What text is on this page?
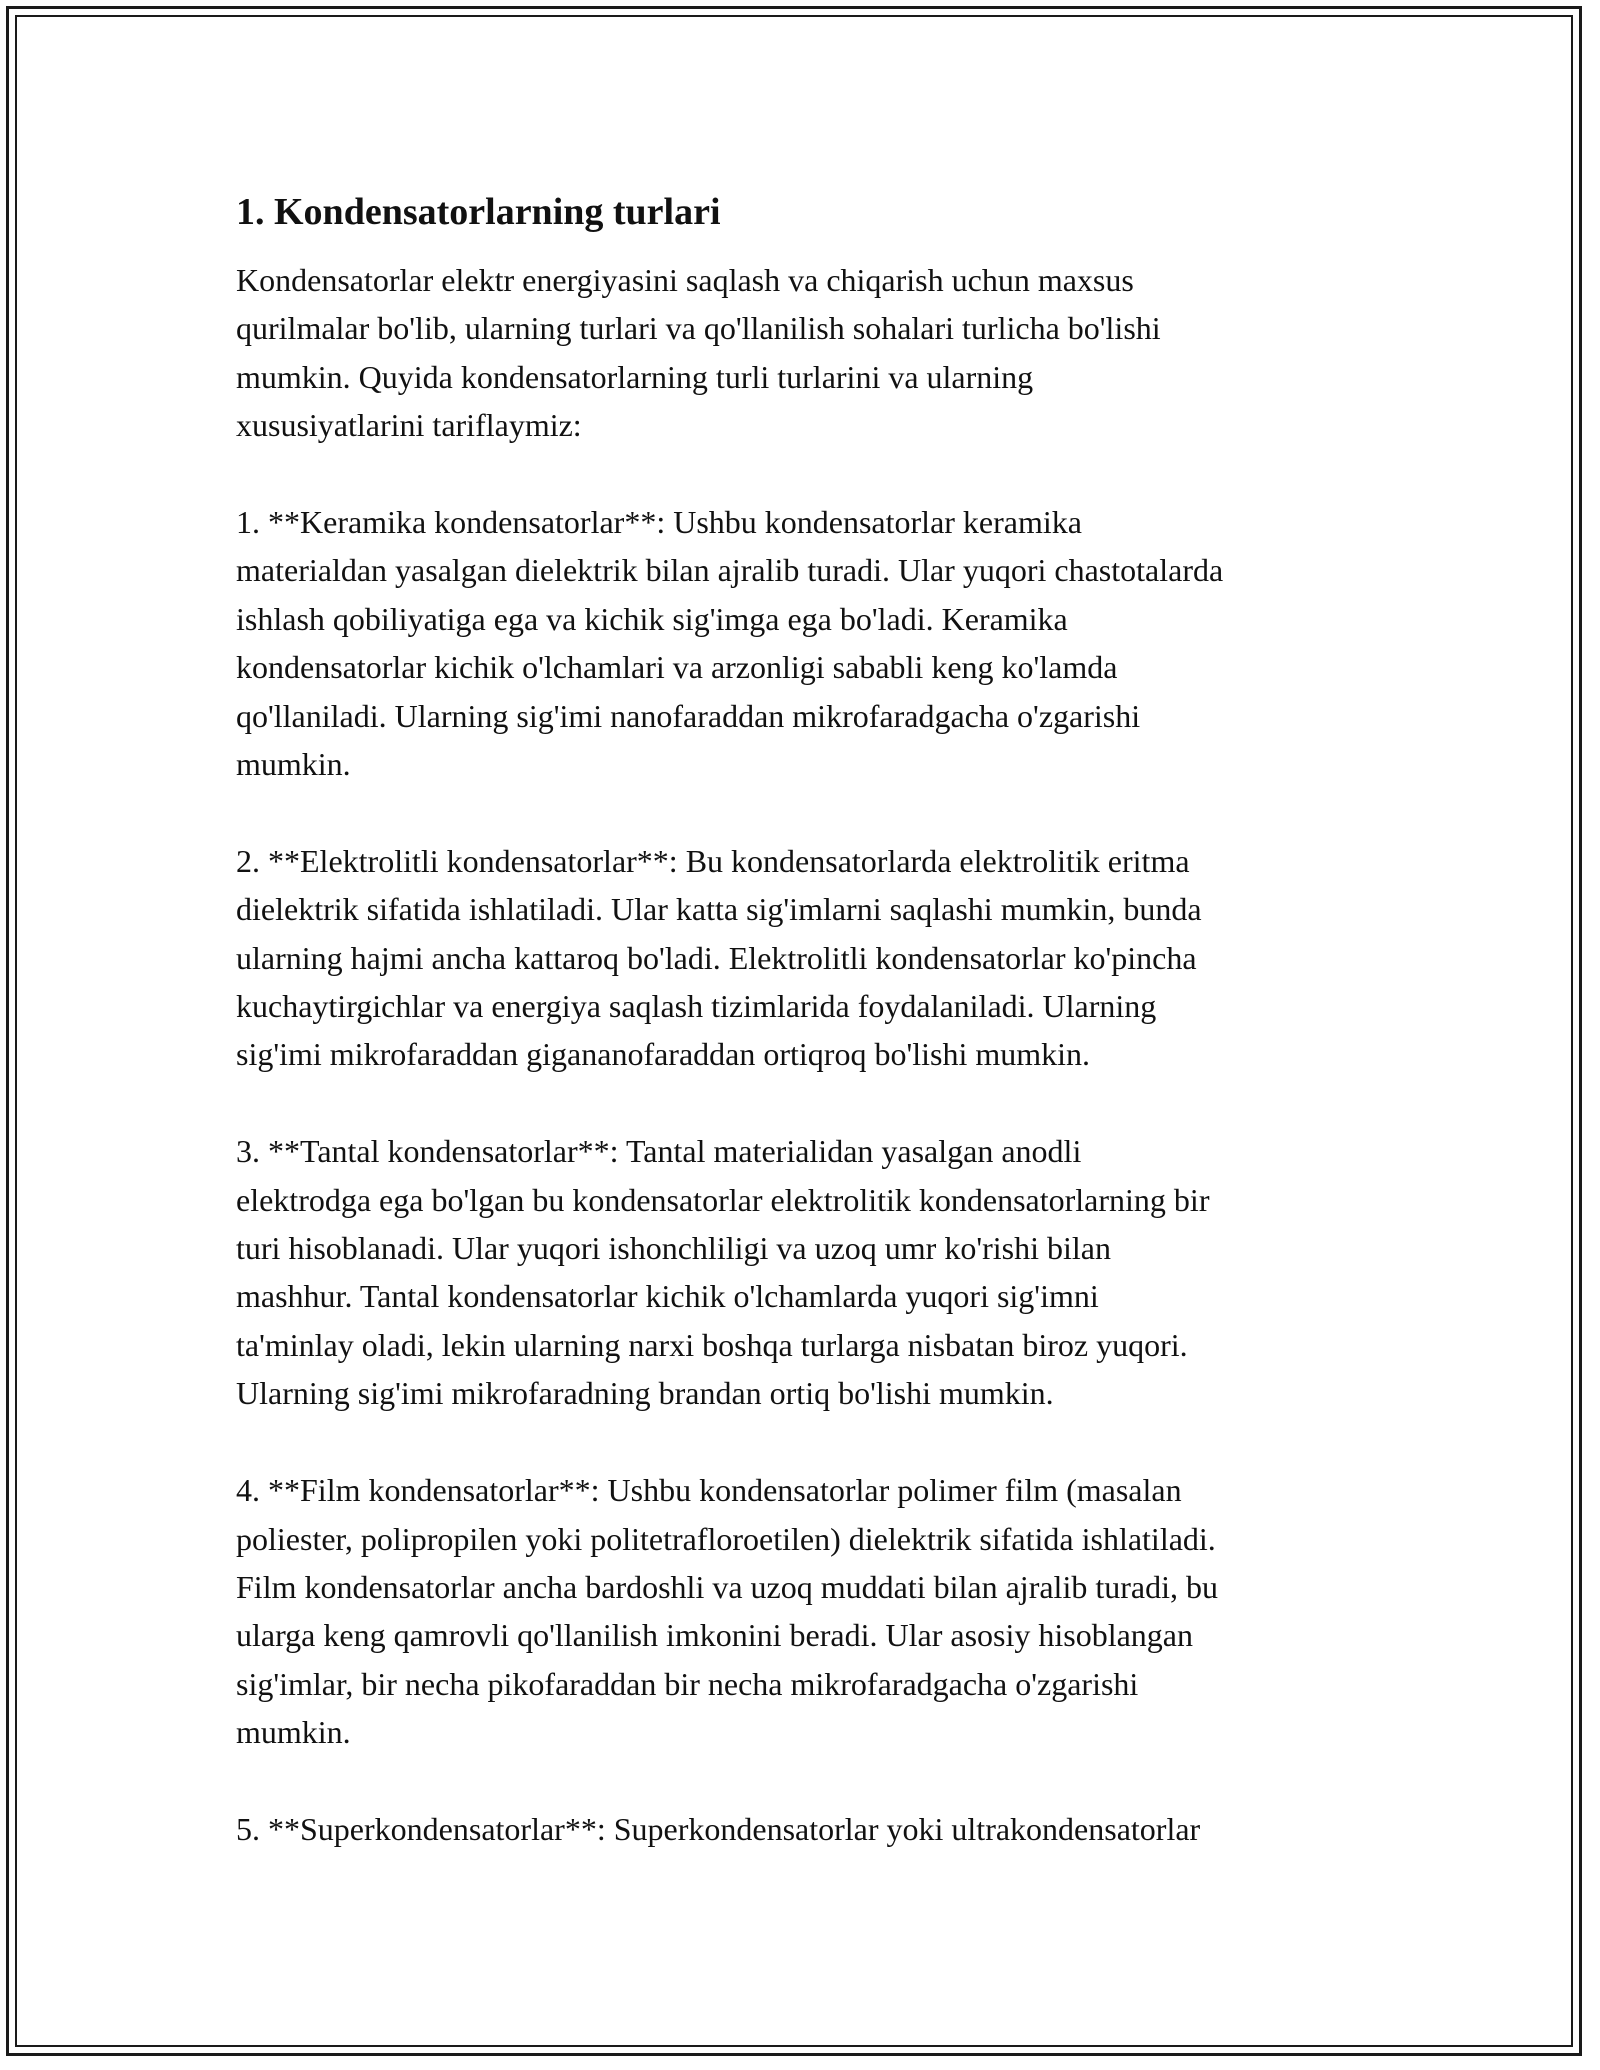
1. Kondensatorlarning turlari

Kondensatorlar elektr energiyasini saqlash va chiqarish uchun maxsus
qurilmalar bo'lib, ularning turlari va qo'llanilish sohalari turlicha bo'lishi
mumkin. Quyida kondensatorlarning turli turlarini va ularning
xususiyatlarini tariflaymiz:

1. **Keramika kondensatorlar**: Ushbu kondensatorlar keramika
materialdan yasalgan dielektrik bilan ajralib turadi. Ular yuqori chastotalarda
ishlash qobiliyatiga ega va kichik sig'imga ega bo'ladi. Keramika
kondensatorlar kichik o'lchamlari va arzonligi sababli keng ko'lamda
qo'llaniladi. Ularning sig'imi nanofaraddan mikrofaradgacha o'zgarishi
mumkin.

2. **Elektrolitli kondensatorlar**: Bu kondensatorlarda elektrolitik eritma
dielektrik sifatida ishlatiladi. Ular katta sig'imlarni saqlashi mumkin, bunda
ularning hajmi ancha kattaroq bo'ladi. Elektrolitli kondensatorlar ko'pincha
kuchaytirgichlar va energiya saqlash tizimlarida foydalaniladi. Ularning
sig'imi mikrofaraddan gigananofaraddan ortiqroq bo'lishi mumkin.

3. **Tantal kondensatorlar**: Tantal materialidan yasalgan anodli
elektrodga ega bo'lgan bu kondensatorlar elektrolitik kondensatorlarning bir
turi hisoblanadi. Ular yuqori ishonchliligi va uzoq umr ko'rishi bilan
mashhur. Tantal kondensatorlar kichik o'lchamlarda yuqori sig'imni
ta'minlay oladi, lekin ularning narxi boshqa turlarga nisbatan biroz yuqori.
Ularning sig'imi mikrofaradning brandan ortiq bo'lishi mumkin.

4. **Film kondensatorlar**: Ushbu kondensatorlar polimer film (masalan
poliester, polipropilen yoki politetrafloroetilen) dielektrik sifatida ishlatiladi.
Film kondensatorlar ancha bardoshli va uzoq muddati bilan ajralib turadi, bu
ularga keng qamrovli qo'llanilish imkonini beradi. Ular asosiy hisoblangan
sig'imlar, bir necha pikofaraddan bir necha mikrofaradgacha o'zgarishi
mumkin.

5. **Superkondensatorlar**: Superkondensatorlar yoki ultrakondensatorlar
